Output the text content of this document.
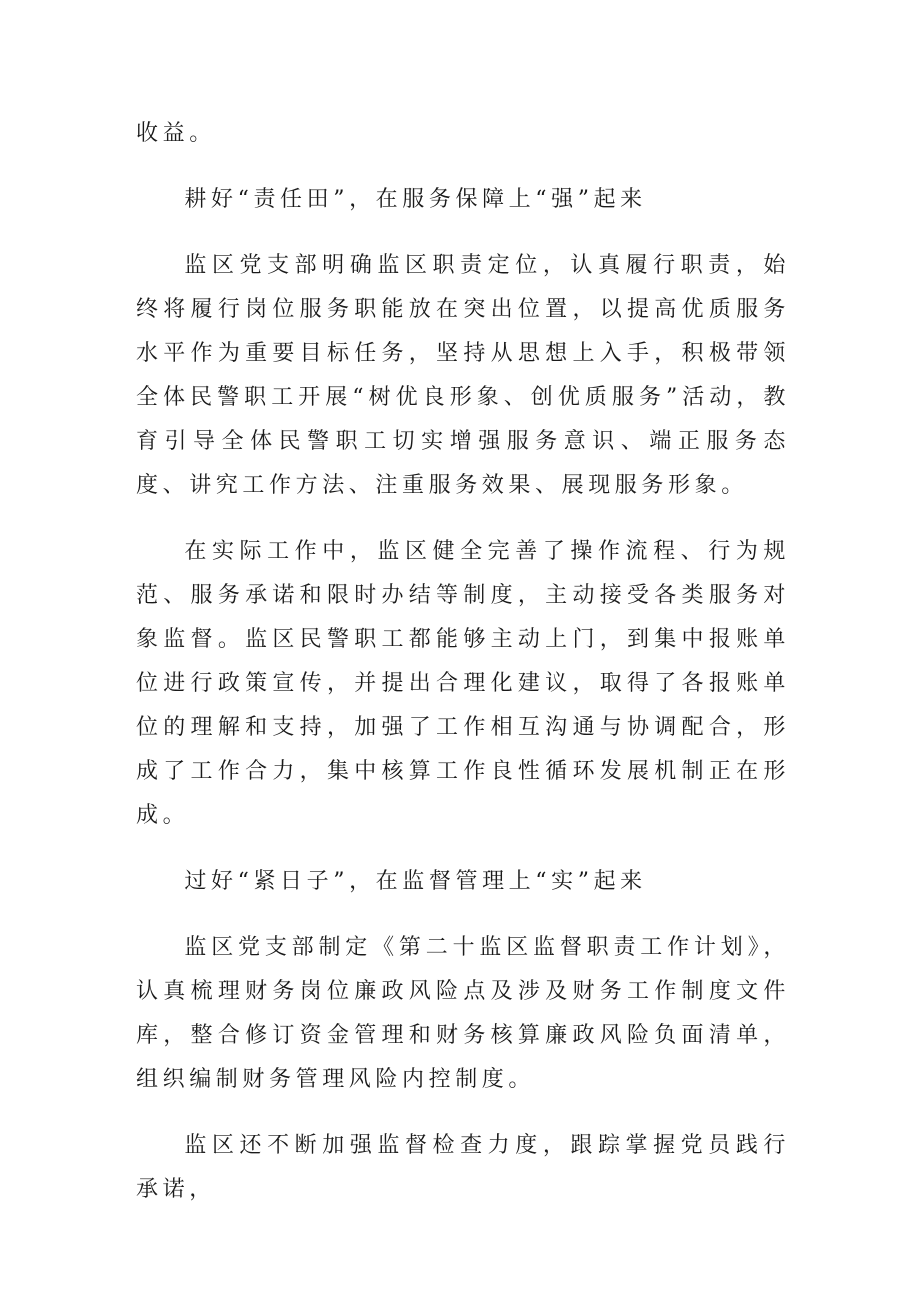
收益。

耕好“责任田”，在服务保障上“强”起来

监区党支部明确监区职责定位，认真履行职责，始终将履行岗位服务职能放在突出位置，以提高优质服务水平作为重要目标任务，坚持从思想上入手，积极带领全体民警职工开展“树优良形象、创优质服务”活动，教育引导全体民警职工切实增强服务意识、端正服务态度、讲究工作方法、注重服务效果、展现服务形象。

在实际工作中，监区健全完善了操作流程、行为规范、服务承诺和限时办结等制度，主动接受各类服务对象监督。监区民警职工都能够主动上门，到集中报账单位进行政策宣传，并提出合理化建议，取得了各报账单位的理解和支持，加强了工作相互沟通与协调配合，形成了工作合力，集中核算工作良性循环发展机制正在形成。

过好“紧日子”，在监督管理上“实”起来

监区党支部制定《第二十监区监督职责工作计划》，认真梳理财务岗位廉政风险点及涉及财务工作制度文件库，整合修订资金管理和财务核算廉政风险负面清单，组织编制财务管理风险内控制度。

监区还不断加强监督检查力度，跟踪掌握党员践行承诺，
